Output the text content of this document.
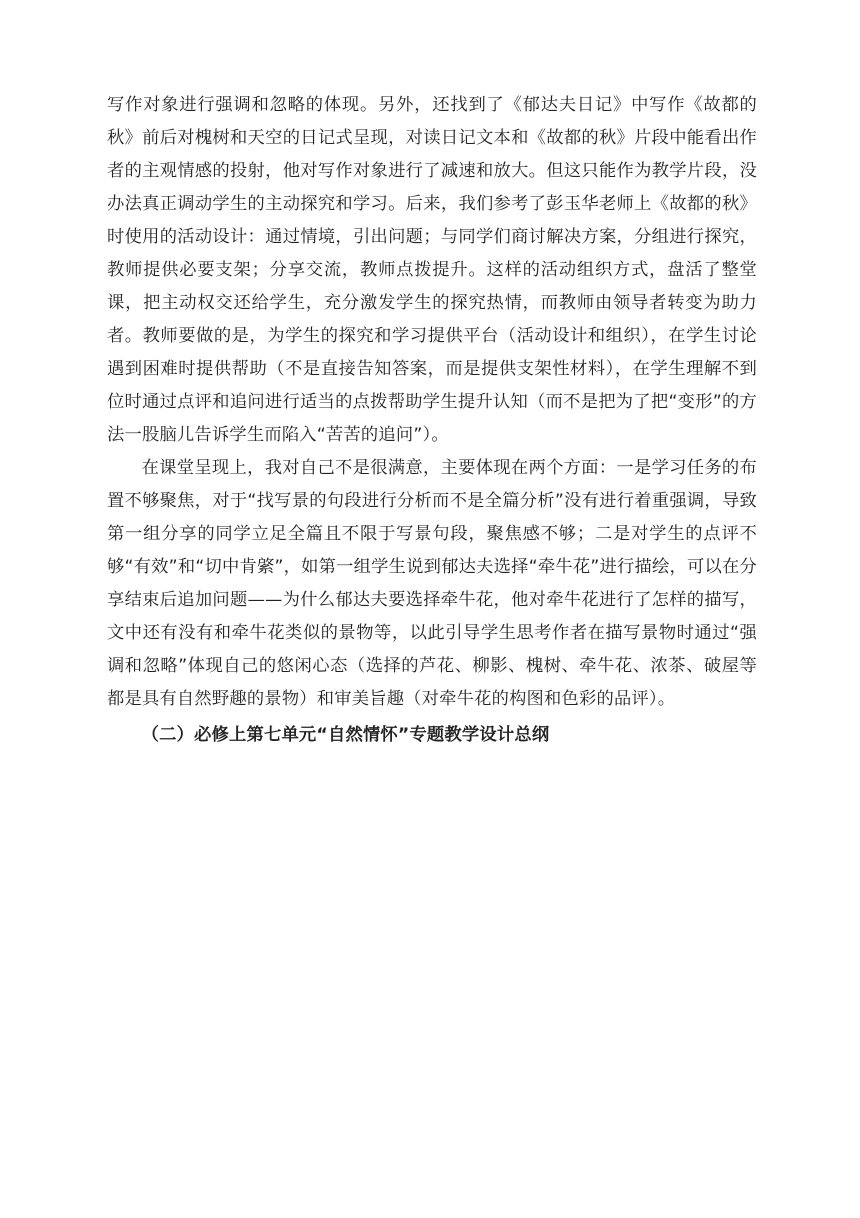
写作对象进行强调和忽略的体现。另外，还找到了《郁达夫日记》中写作《故都的秋》前后对槐树和天空的日记式呈现，对读日记文本和《故都的秋》片段中能看出作者的主观情感的投射，他对写作对象进行了减速和放大。但这只能作为教学片段，没办法真正调动学生的主动探究和学习。后来，我们参考了彭玉华老师上《故都的秋》时使用的活动设计：通过情境，引出问题；与同学们商讨解决方案，分组进行探究，教师提供必要支架；分享交流，教师点拨提升。这样的活动组织方式，盘活了整堂课，把主动权交还给学生，充分激发学生的探究热情，而教师由领导者转变为助力者。教师要做的是，为学生的探究和学习提供平台（活动设计和组织），在学生讨论遇到困难时提供帮助（不是直接告知答案，而是提供支架性材料），在学生理解不到位时通过点评和追问进行适当的点拨帮助学生提升认知（而不是把为了把“变形”的方法一股脑儿告诉学生而陷入“苦苦的追问”）。

在课堂呈现上，我对自己不是很满意，主要体现在两个方面：一是学习任务的布置不够聚焦，对于“找写景的句段进行分析而不是全篇分析”没有进行着重强调，导致第一组分享的同学立足全篇且不限于写景句段，聚焦感不够；二是对学生的点评不够“有效”和“切中肯綮”，如第一组学生说到郁达夫选择“牵牛花”进行描绘，可以在分享结束后追加问题——为什么郁达夫要选择牵牛花，他对牵牛花进行了怎样的描写，文中还有没有和牵牛花类似的景物等，以此引导学生思考作者在描写景物时通过“强调和忽略”体现自己的悠闲心态（选择的芦花、柳影、槐树、牵牛花、浓茶、破屋等都是具有自然野趣的景物）和审美旨趣（对牵牛花的构图和色彩的品评）。

（二）必修上第七单元“自然情怀”专题教学设计总纲
